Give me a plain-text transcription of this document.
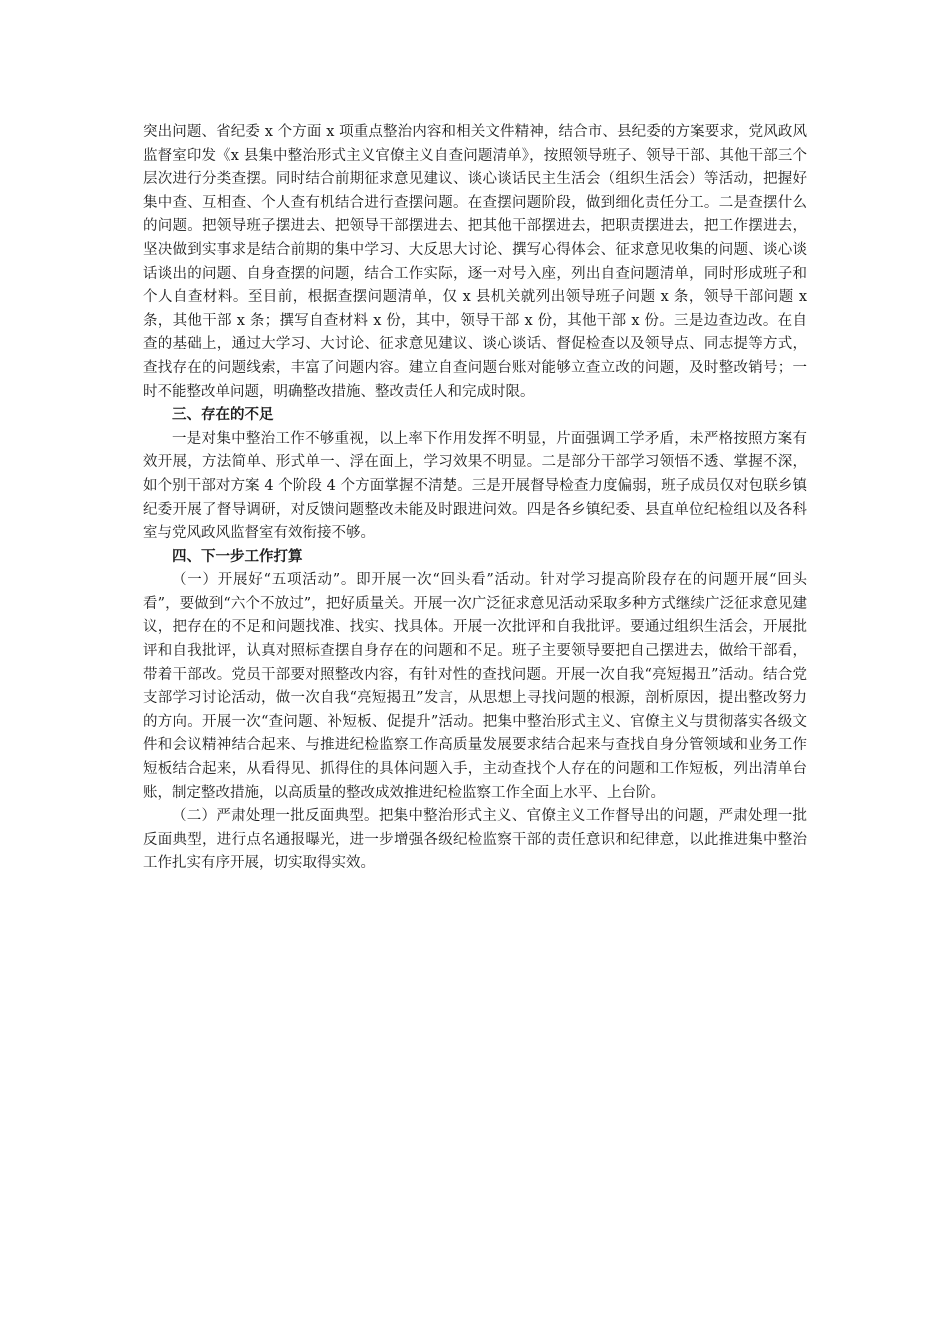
突出问题、省纪委 x 个方面 x 项重点整治内容和相关文件精神，结合市、县纪委的方案要求，党风政风监督室印发《x 县集中整治形式主义官僚主义自查问题清单》，按照领导班子、领导干部、其他干部三个层次进行分类查摆。同时结合前期征求意见建议、谈心谈话民主生活会（组织生活会）等活动，把握好集中查、互相查、个人查有机结合进行查摆问题。在查摆问题阶段，做到细化责任分工。二是查摆什么的问题。把领导班子摆进去、把领导干部摆进去、把其他干部摆进去，把职责摆进去，把工作摆进去，坚决做到实事求是结合前期的集中学习、大反思大讨论、撰写心得体会、征求意见收集的问题、谈心谈话谈出的问题、自身查摆的问题，结合工作实际，逐一对号入座，列出自查问题清单，同时形成班子和个人自查材料。至目前，根据查摆问题清单，仅 x 县机关就列出领导班子问题 x 条，领导干部问题 x 条，其他干部 x 条；撰写自查材料 x 份，其中，领导干部 x 份，其他干部 x 份。三是边查边改。在自查的基础上，通过大学习、大讨论、征求意见建议、谈心谈话、督促检查以及领导点、同志提等方式，查找存在的问题线索，丰富了问题内容。建立自查问题台账对能够立查立改的问题，及时整改销号；一时不能整改单问题，明确整改措施、整改责任人和完成时限。

三、存在的不足

一是对集中整治工作不够重视，以上率下作用发挥不明显，片面强调工学矛盾，未严格按照方案有效开展，方法简单、形式单一、浮在面上，学习效果不明显。二是部分干部学习领悟不透、掌握不深，如个别干部对方案 4 个阶段 4 个方面掌握不清楚。三是开展督导检查力度偏弱，班子成员仅对包联乡镇纪委开展了督导调研，对反馈问题整改未能及时跟进问效。四是各乡镇纪委、县直单位纪检组以及各科室与党风政风监督室有效衔接不够。

四、下一步工作打算

（一）开展好“五项活动”。即开展一次“回头看”活动。针对学习提高阶段存在的问题开展“回头看”，要做到“六个不放过”，把好质量关。开展一次广泛征求意见活动采取多种方式继续广泛征求意见建议，把存在的不足和问题找准、找实、找具体。开展一次批评和自我批评。要通过组织生活会，开展批评和自我批评，认真对照标查摆自身存在的问题和不足。班子主要领导要把自己摆进去，做给干部看，带着干部改。党员干部要对照整改内容，有针对性的查找问题。开展一次自我“亮短揭丑”活动。结合党支部学习讨论活动，做一次自我“亮短揭丑”发言，从思想上寻找问题的根源，剖析原因，提出整改努力的方向。开展一次“查问题、补短板、促提升”活动。把集中整治形式主义、官僚主义与贯彻落实各级文件和会议精神结合起来、与推进纪检监察工作高质量发展要求结合起来与查找自身分管领域和业务工作短板结合起来，从看得见、抓得住的具体问题入手，主动查找个人存在的问题和工作短板，列出清单台账，制定整改措施，以高质量的整改成效推进纪检监察工作全面上水平、上台阶。

（二）严肃处理一批反面典型。把集中整治形式主义、官僚主义工作督导出的问题，严肃处理一批反面典型，进行点名通报曝光，进一步增强各级纪检监察干部的责任意识和纪律意，以此推进集中整治工作扎实有序开展，切实取得实效。
